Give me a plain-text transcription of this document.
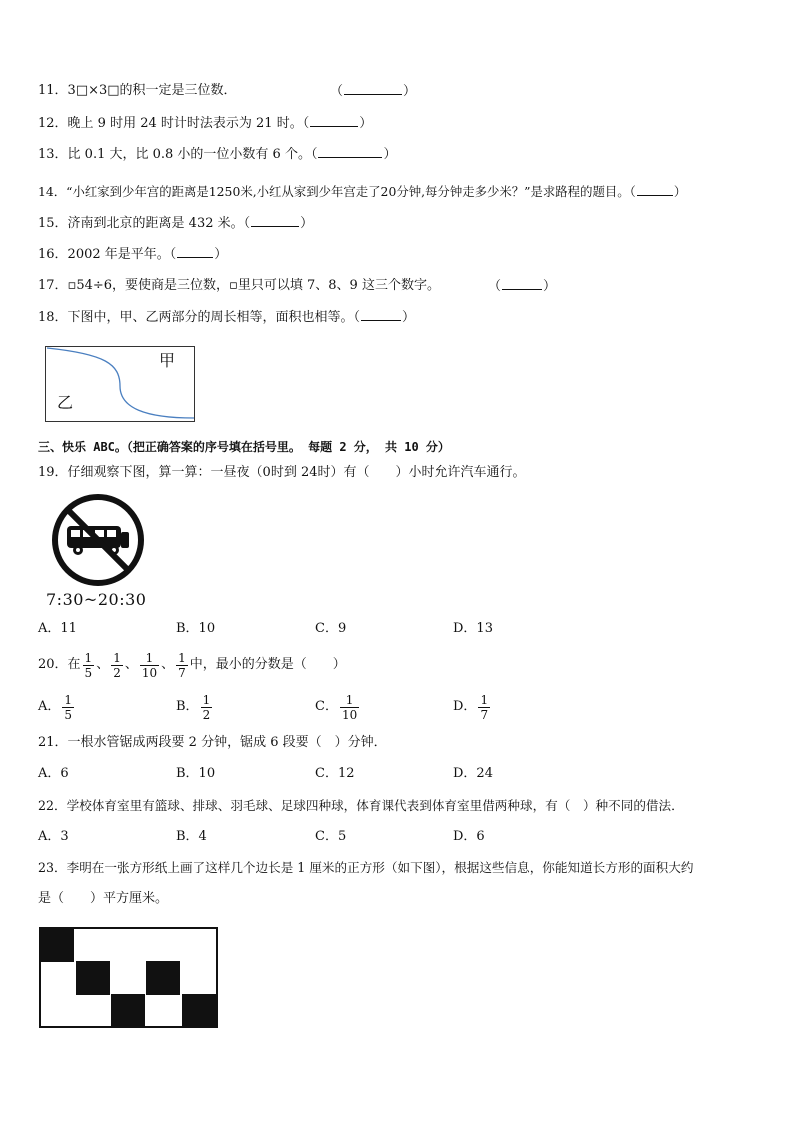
11．3□×3□的积一定是三位数．	（	）
12．晚上 9 时用 24 时计时法表示为 21 时。（	）
13．比 0.1 大，比 0.8 小的一位小数有 6 个。（	）
14．“小红家到少年宫的距离是1250米,小红从家到少年宫走了20分钟,每分钟走多少米？”是求路程的题目。（	）
15．济南到北京的距离是 432 米。（	）
16．2002 年是平年。（	）
17．▫54÷6，要使商是三位数，▫里只可以填 7、8、9 这三个数字。	（	）
18．下图中，甲、乙两部分的周长相等，面积也相等。（	）
甲
乙
三、快乐 ABC。（把正确答案的序号填在括号里。 每题 2 分， 共 10 分）
19．仔细观察下图，算一算：一昼夜（0时到 24时）有（　　）小时允许汽车通行。
7:30~20:30
A．11	B．10	C．9	D．13
20．在 $\frac{1}{5}$ 、 $\frac{1}{2}$ 、 $\frac{1}{10}$ 、 $\frac{1}{7}$ 中，最小的分数是（　　）
A． $\frac{1}{5}$	B． $\frac{1}{2}$	C． $\frac{1}{10}$	D． $\frac{1}{7}$
21．一根水管锯成两段要 2 分钟，锯成 6 段要（　）分钟．
A．6	B．10	C．12	D．24
22．学校体育室里有篮球、排球、羽毛球、足球四种球，体育课代表到体育室里借两种球，有（　）种不同的借法．
A．3	B．4	C．5	D．6
23．李明在一张方形纸上画了这样几个边长是 1 厘米的正方形（如下图），根据这些信息，你能知道长方形的面积大约
是（　　）平方厘米。
